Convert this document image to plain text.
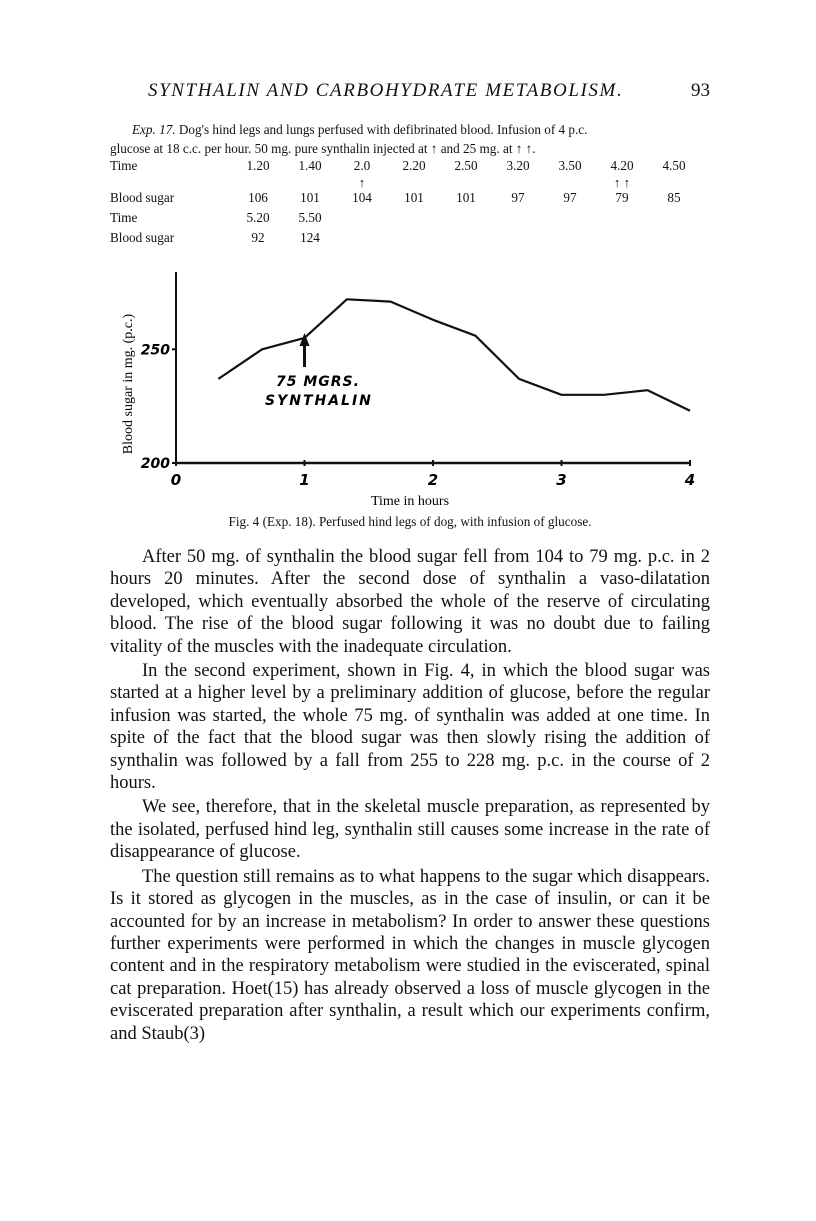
SYNTHALIN AND CARBOHYDRATE METABOLISM.	93

Exp. 17. Dog's hind legs and lungs perfused with defibrinated blood. Infusion of 4 p.c.

glucose at 18 c.c. per hour. 50 mg. pure synthalin injected at ↑ and 25 mg. at ↑ ↑.

Time	1.20	1.40	2.0	2.20	2.50	3.20	3.50	4.20	4.50
			↑					↑ ↑	
Blood sugar	106	101	104	101	101	97	97	79	85
Time	5.20	5.50							
Blood sugar	92	124							
Blood sugar in mg. (p.c.)
Time in hours
75 MGRS.
SYNTHALIN
0	1	2	3	4
200
250
Fig. 4 (Exp. 18). Perfused hind legs of dog, with infusion of glucose.

After 50 mg. of synthalin the blood sugar fell from 104 to 79 mg. p.c. in 2 hours 20 minutes. After the second dose of synthalin a vaso-dilatation developed, which eventually absorbed the whole of the reserve of circulating blood. The rise of the blood sugar following it was no doubt due to failing vitality of the muscles with the inadequate circulation.

In the second experiment, shown in Fig. 4, in which the blood sugar was started at a higher level by a preliminary addition of glucose, before the regular infusion was started, the whole 75 mg. of synthalin was added at one time. In spite of the fact that the blood sugar was then slowly rising the addition of synthalin was followed by a fall from 255 to 228 mg. p.c. in the course of 2 hours.

We see, therefore, that in the skeletal muscle preparation, as represented by the isolated, perfused hind leg, synthalin still causes some increase in the rate of disappearance of glucose.

The question still remains as to what happens to the sugar which disappears. Is it stored as glycogen in the muscles, as in the case of insulin, or can it be accounted for by an increase in metabolism? In order to answer these questions further experiments were performed in which the changes in muscle glycogen content and in the respiratory metabolism were studied in the eviscerated, spinal cat preparation. Hoet(15) has already observed a loss of muscle glycogen in the eviscerated preparation after synthalin, a result which our experiments confirm, and Staub(3)
